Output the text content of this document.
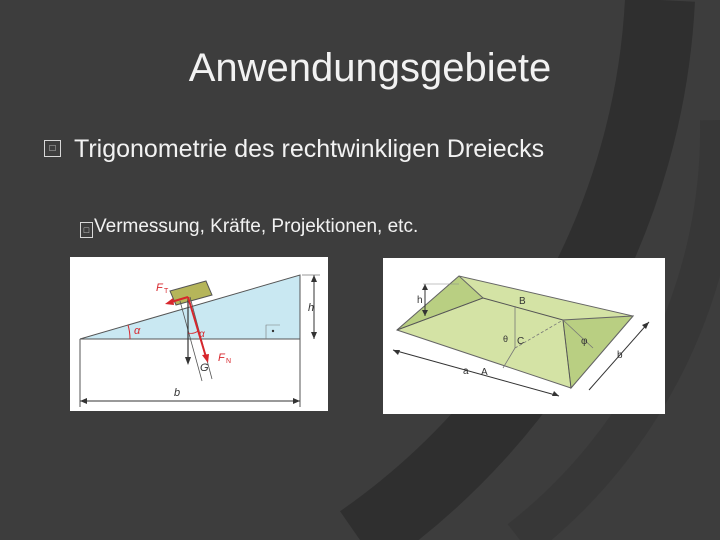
Anwendungsgebiete
□ Trigonometrie des rechtwinkligen Dreiecks
□ Vermessung, Kräfte, Projektionen, etc.
F T
F N
G
α	α
h
b
h	B
C
A
a
b
φ
θ
